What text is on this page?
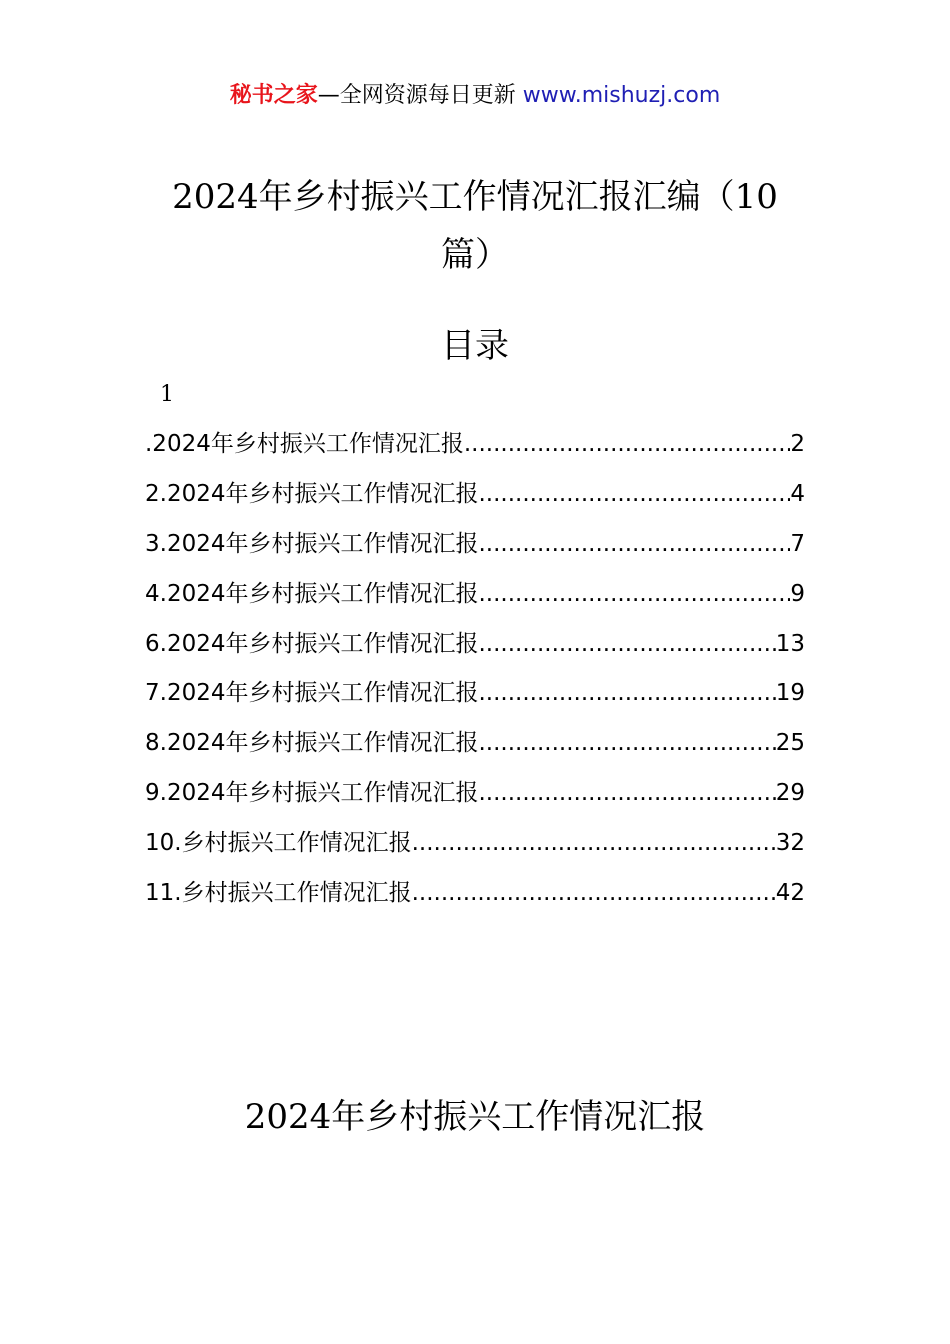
秘书之家—全网资源每日更新 www.mishuzj.com
2024年乡村振兴工作情况汇报汇编（10
篇）
目录
1
.2024年乡村振兴工作情况汇报 .....	2
2.2024年乡村振兴工作情况汇报 .....	4
3.2024年乡村振兴工作情况汇报 .....	7
4.2024年乡村振兴工作情况汇报 .....	9
6.2024年乡村振兴工作情况汇报 .....	13
7.2024年乡村振兴工作情况汇报 .....	19
8.2024年乡村振兴工作情况汇报 .....	25
9.2024年乡村振兴工作情况汇报 .....	29
10.乡村振兴工作情况汇报 .....	32
11.乡村振兴工作情况汇报 .....	42
2024年乡村振兴工作情况汇报
